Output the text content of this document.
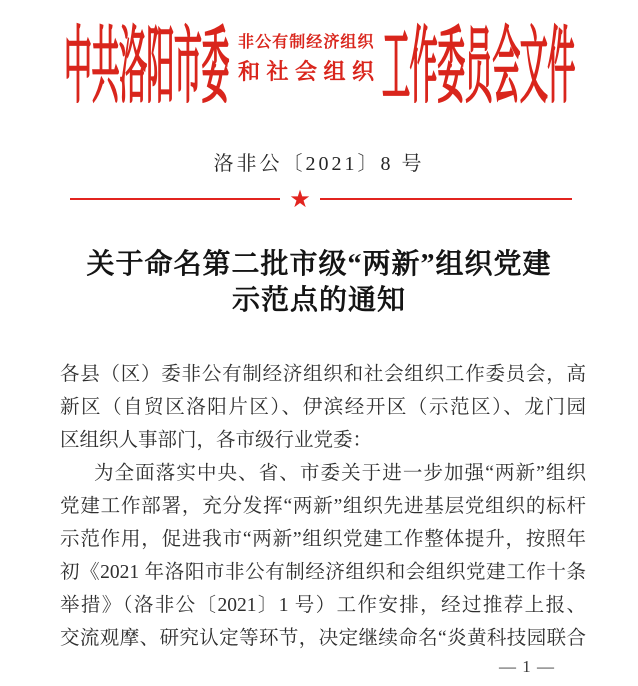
中共洛阳市委 非公有制经济组织
和社会组织 工作委员会文件
洛非公〔2021〕8 号
★
关于命名第二批市级“两新”组织党建
示范点的通知
各县（区）委非公有制经济组织和社会组织工作委员会，高
新区（自贸区洛阳片区）、伊滨经开区（示范区）、龙门园
区组织人事部门，各市级行业党委：
为全面落实中央、省、市委关于进一步加强“两新”组织
党建工作部署，充分发挥“两新”组织先进基层党组织的标杆
示范作用，促进我市“两新”组织党建工作整体提升，按照年
初《2021 年洛阳市非公有制经济组织和会组织党建工作十条
举措》（洛非公〔2021〕1 号）工作安排，经过推荐上报、
交流观摩、研究认定等环节，决定继续命名“炎黄科技园联合
— 1 —
